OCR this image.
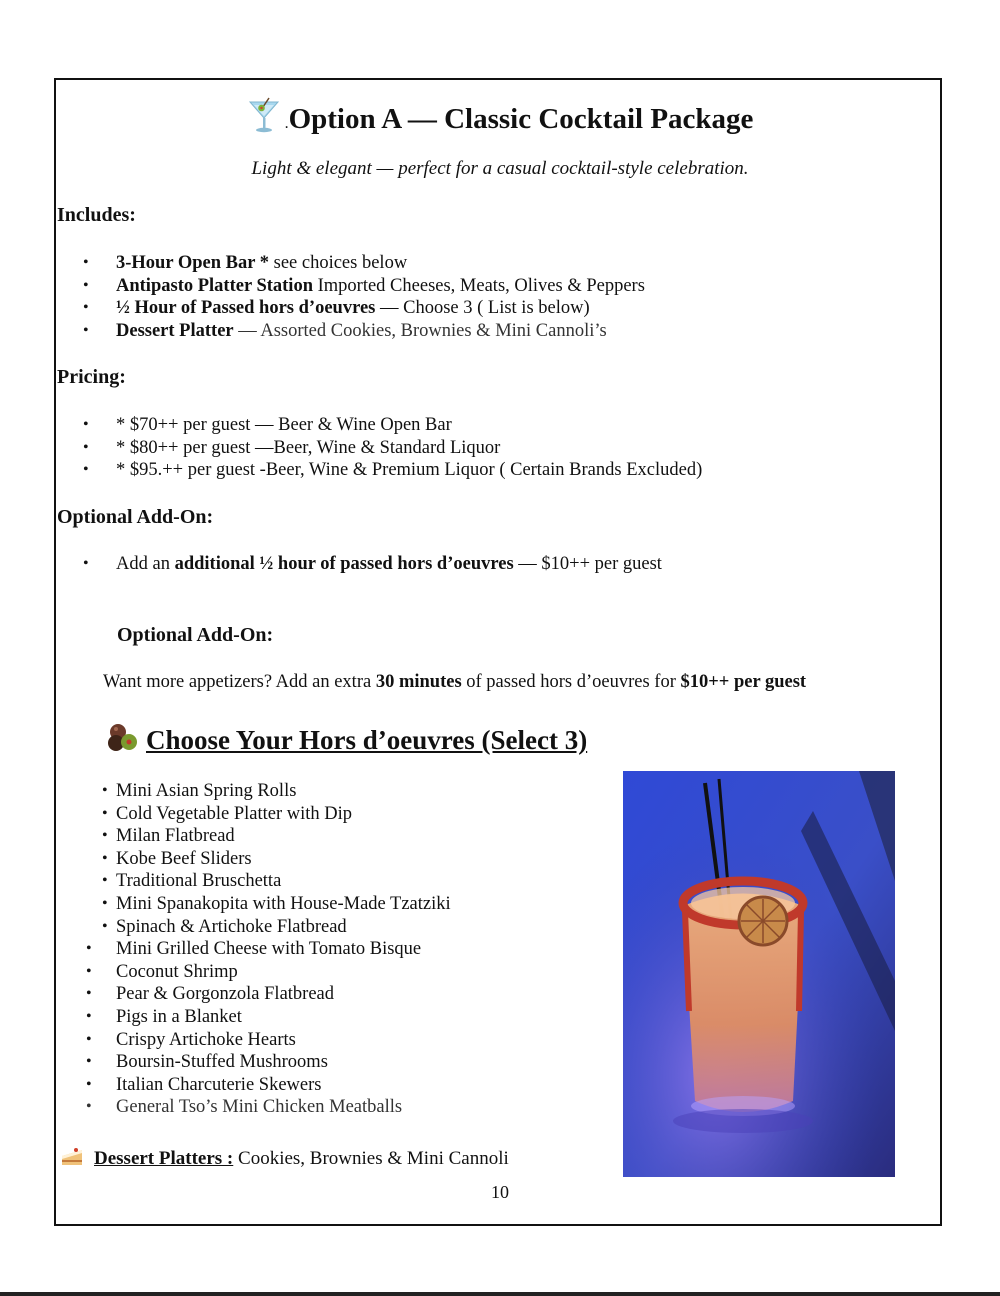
.Option A — Classic Cocktail Package
Light & elegant — perfect for a casual cocktail-style celebration.
Includes:
• 3-Hour Open Bar * see choices below
• Antipasto Platter Station Imported Cheeses, Meats, Olives & Peppers
• ½ Hour of Passed hors d’oeuvres — Choose 3 ( List is below)
• Dessert Platter — Assorted Cookies, Brownies & Mini Cannoli’s
Pricing:
• * $70++ per guest — Beer & Wine Open Bar
• * $80++ per guest —Beer, Wine & Standard Liquor
• * $95.++ per guest -Beer, Wine & Premium Liquor ( Certain Brands Excluded)
Optional Add-On:
• Add an additional ½ hour of passed hors d’oeuvres — $10++ per guest
Optional Add-On:
Want more appetizers? Add an extra 30 minutes of passed hors d’oeuvres for $10++ per guest
Choose Your Hors d’oeuvres (Select 3)
• Mini Asian Spring Rolls
• Cold Vegetable Platter with Dip
• Milan Flatbread
• Kobe Beef Sliders
• Traditional Bruschetta
• Mini Spanakopita with House-Made Tzatziki
• Spinach & Artichoke Flatbread
• Mini Grilled Cheese with Tomato Bisque
• Coconut Shrimp
• Pear & Gorgonzola Flatbread
• Pigs in a Blanket
• Crispy Artichoke Hearts
• Boursin-Stuffed Mushrooms
• Italian Charcuterie Skewers
• General Tso’s Mini Chicken Meatballs
Dessert Platters : Cookies, Brownies & Mini Cannoli
10
